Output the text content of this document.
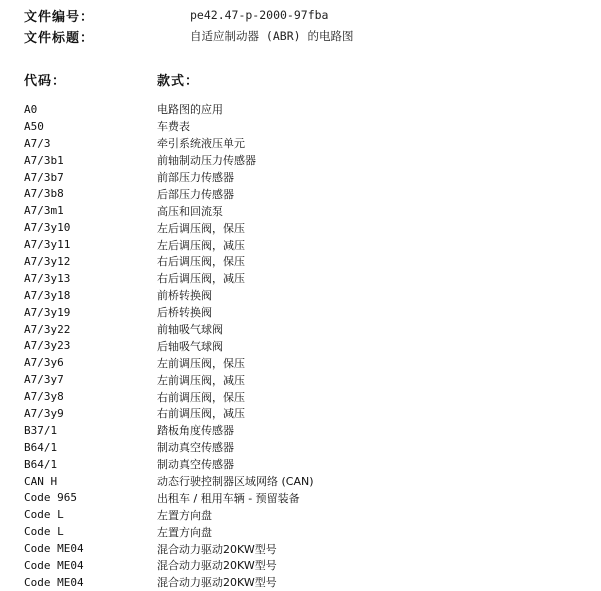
文件编号：	pe42.47-p-2000-97fba
文件标题：	自适应制动器 (ABR) 的电路图
代码：	款式：
A0	电路图的应用
A50	车费表
A7/3	牵引系统液压单元
A7/3b1	前轴制动压力传感器
A7/3b7	前部压力传感器
A7/3b8	后部压力传感器
A7/3m1	高压和回流泵
A7/3y10	左后调压阀，保压
A7/3y11	左后调压阀，减压
A7/3y12	右后调压阀，保压
A7/3y13	右后调压阀，减压
A7/3y18	前桥转换阀
A7/3y19	后桥转换阀
A7/3y22	前轴吸气球阀
A7/3y23	后轴吸气球阀
A7/3y6	左前调压阀，保压
A7/3y7	左前调压阀，减压
A7/3y8	右前调压阀，保压
A7/3y9	右前调压阀，减压
B37/1	踏板角度传感器
B64/1	制动真空传感器
B64/1	制动真空传感器
CAN H	动态行驶控制器区域网络 (CAN)
Code 965	出租车 / 租用车辆 - 预留装备
Code L	左置方向盘
Code L	左置方向盘
Code ME04	混合动力驱动20KW型号
Code ME04	混合动力驱动20KW型号
Code ME04	混合动力驱动20KW型号
